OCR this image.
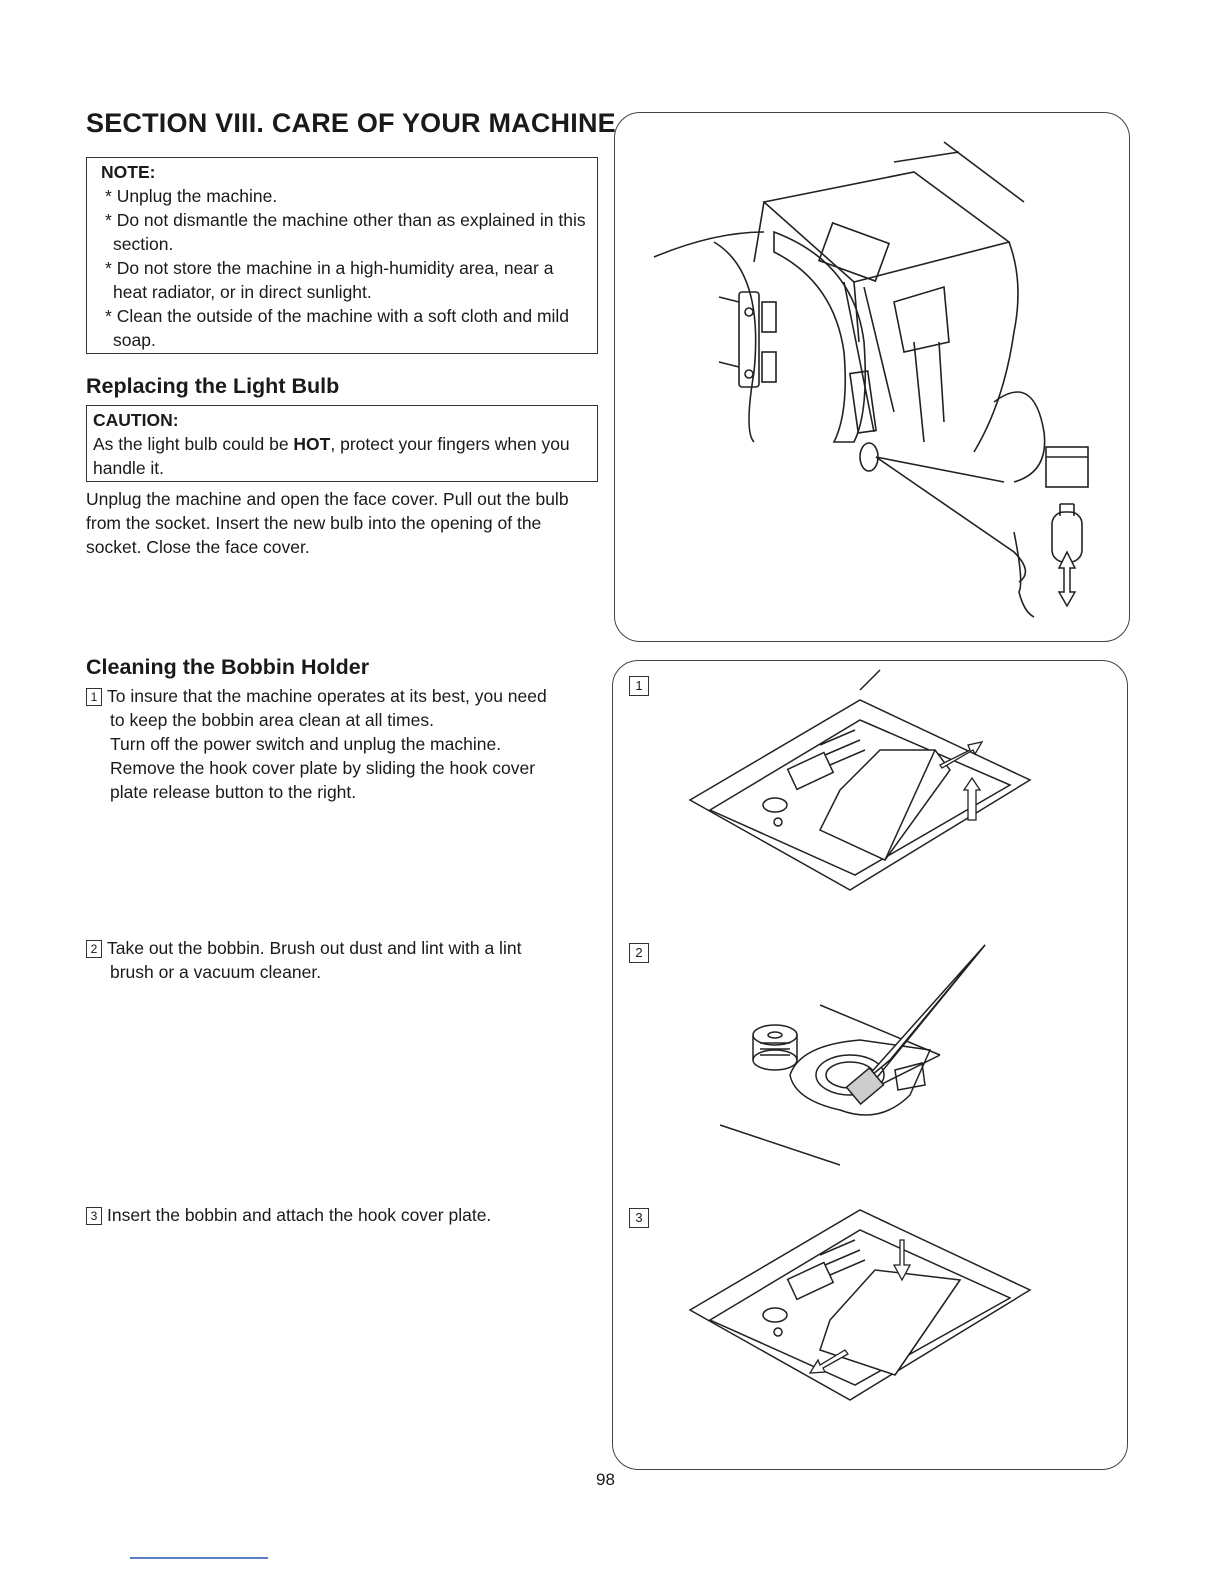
SECTION VIII. CARE OF YOUR MACHINE
NOTE:
* Unplug the machine.
* Do not dismantle the machine other than as explained in this section.
* Do not store the machine in a high-humidity area, near a heat radiator, or in direct sunlight.
* Clean the outside of the machine with a soft cloth and mild soap.
Replacing the Light Bulb
CAUTION:
As the light bulb could be HOT, protect your fingers when you handle it.
Unplug the machine and open the face cover. Pull out the bulb from the socket. Insert the new bulb into the opening of the socket. Close the face cover.
Cleaning the Bobbin Holder
1 To insure that the machine operates at its best, you need
to keep the bobbin area clean at all times.
Turn off the power switch and unplug the machine.
Remove the hook cover plate by sliding the hook cover
plate release button to the right.
2 Take out the bobbin. Brush out dust and lint with a lint
brush or a vacuum cleaner.
3 Insert the bobbin and attach the hook cover plate.
1
2
3
98
